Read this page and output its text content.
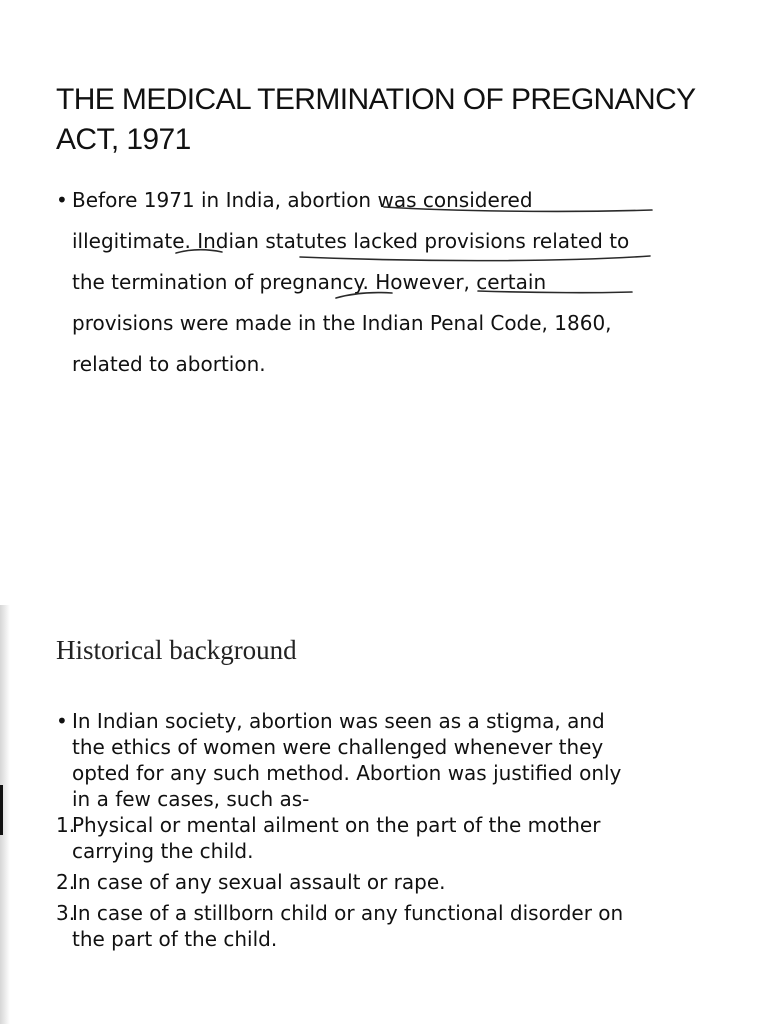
THE MEDICAL TERMINATION OF PREGNANCY
ACT, 1971
• Before 1971 in India, abortion was considered
illegitimate. Indian statutes lacked provisions related to
the termination of pregnancy. However, certain
provisions were made in the Indian Penal Code, 1860,
related to abortion.
Historical background
• In Indian society, abortion was seen as a stigma, and
the ethics of women were challenged whenever they
opted for any such method. Abortion was justified only
in a few cases, such as-
1.
Physical or mental ailment on the part of the mother
carrying the child.
2.
In case of any sexual assault or rape.
3.
In case of a stillborn child or any functional disorder on
the part of the child.
